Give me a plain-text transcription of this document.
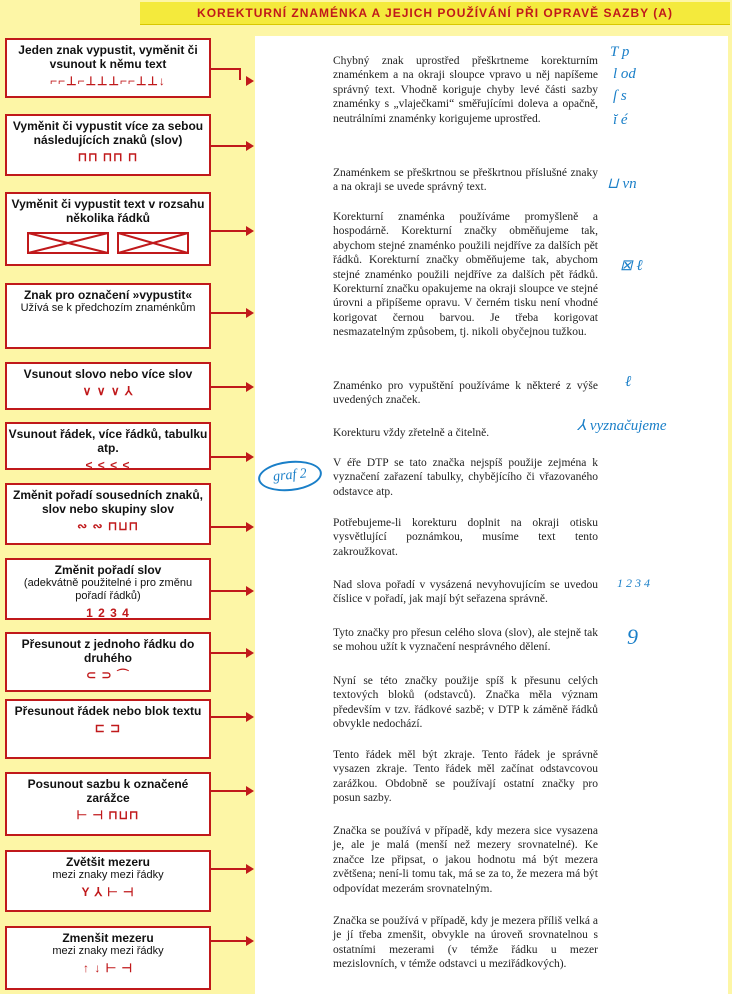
KOREKTURNÍ ZNAMÉNKA A JEJICH POUŽÍVÁNÍ PŘI OPRAVĚ SAZBY (A)
Jeden znak vypustit, vyměnit či vsunout k němu text
⌐⌐⊥⌐⊥⊥⊥⌐⌐⊥⊥↓
Vyměnit či vypustit více za sebou následujících znaků (slov)
⊓⊓ ⊓⊓ ⊓
Vyměnit či vypustit text v rozsahu několika řádků
Znak pro označení »vypustit«
Užívá se k předchozím znaménkům
Vsunout slovo nebo více slov
∨ ∨ ∨ ⅄
Vsunout řádek, více řádků, tabulku atp.
< < < <
Změnit pořadí sousedních znaků, slov nebo skupiny slov
∾ ∾ ⊓⊔⊓
Změnit pořadí slov
(adekvátně použitelné i pro změnu pořadí řádků)
1 2 3 4
Přesunout z jednoho řádku do druhého
⊂ ⊃ ⌒
Přesunout řádek nebo blok textu
⊏ ⊐
Posunout sazbu k označené zarážce
⊢ ⊣ ⊓⊔⊓
Zvětšit mezeru
mezi znaky mezi řádky
Y ⅄ ⊢ ⊣
Zmenšit mezeru
mezi znaky mezi řádky
↑ ↓ ⊢ ⊣
Chybný znak uprostřed přeškrtneme korekturním znaménkem a na okraji sloupce vpravo u něj napíšeme správný text. Vhodně koriguje chyby levé části sazby znaménky s „vlaječkami“ směřujícími doleva a opačně, neutrálními znaménky korigujeme uprostřed.
Znaménkem se přeškrtnou se přeškrtnou příslušné znaky a na okraji se uvede správný text.
Korekturní znaménka používáme promyšleně a hospodárně. Korekturní značky obměňujeme tak, abychom stejné znaménko použili nejdříve za dalších pět řádků. Korekturní značky obměňujeme tak, abychom stejné znaménko použili nejdříve za dalších pět řádků. Korekturní značku opakujeme na okraji sloupce ve stejné úrovni a připíšeme opravu. V černém tisku není vhodné korigovat černou barvou. Je třeba korigovat nesmazatelným způsobem, tj. nikoli obyčejnou tužkou.
Znaménko pro vypuštění používáme k některé z výše uvedených značek.
Korekturu vždy zřetelně a čitelně.
V éře DTP se tato značka nejspíš použije zejména k vyznačení zařazení tabulky, chybějícího či vřazovaného odstavce atp.
Potřebujeme-li korekturu doplnit na okraji otisku vysvětlující poznámkou, musíme text tento zakroužkovat.
Nad slova pořadí v vysázená nevyhovujícím se uvedou číslice v pořadí, jak mají být seřazena správně.
Tyto značky pro přesun celého slova (slov), ale stejně tak se mohou užít k vyznačení nesprávného dělení.
Nyní se této značky použije spíš k přesunu celých textových bloků (odstavců). Značka měla význam především v tzv. řádkové sazbě; v DTP k záměně řádků obvykle nedochází.
Tento řádek měl být zkraje. Tento řádek je správně vysazen zkraje. Tento řádek měl začínat odstavcovou zarážkou. Obdobně se používají ostatní značky pro posun sazby.
Značka se používá v případě, kdy mezera sice vysazena je, ale je malá (menší než mezery srovnatelné). Ke značce lze připsat, o jakou hodnotu má být mezera zvětšena; není-li tomu tak, má se za to, že mezera má být odpovídat mezerám srovnatelným.
Značka se používá v případě, kdy je mezera příliš velká a je jí třeba zmenšit, obvykle na úroveň srovnatelnou s ostatními mezerami (v témže řádku u mezer mezislovních, v témže odstavci u meziřádkových).
T p
l od
ſ s
ĭ é
⊔ vn
⊠ ℓ
ℓ
⅄ vyznačujeme
1 2 3 4
9
graf 2
